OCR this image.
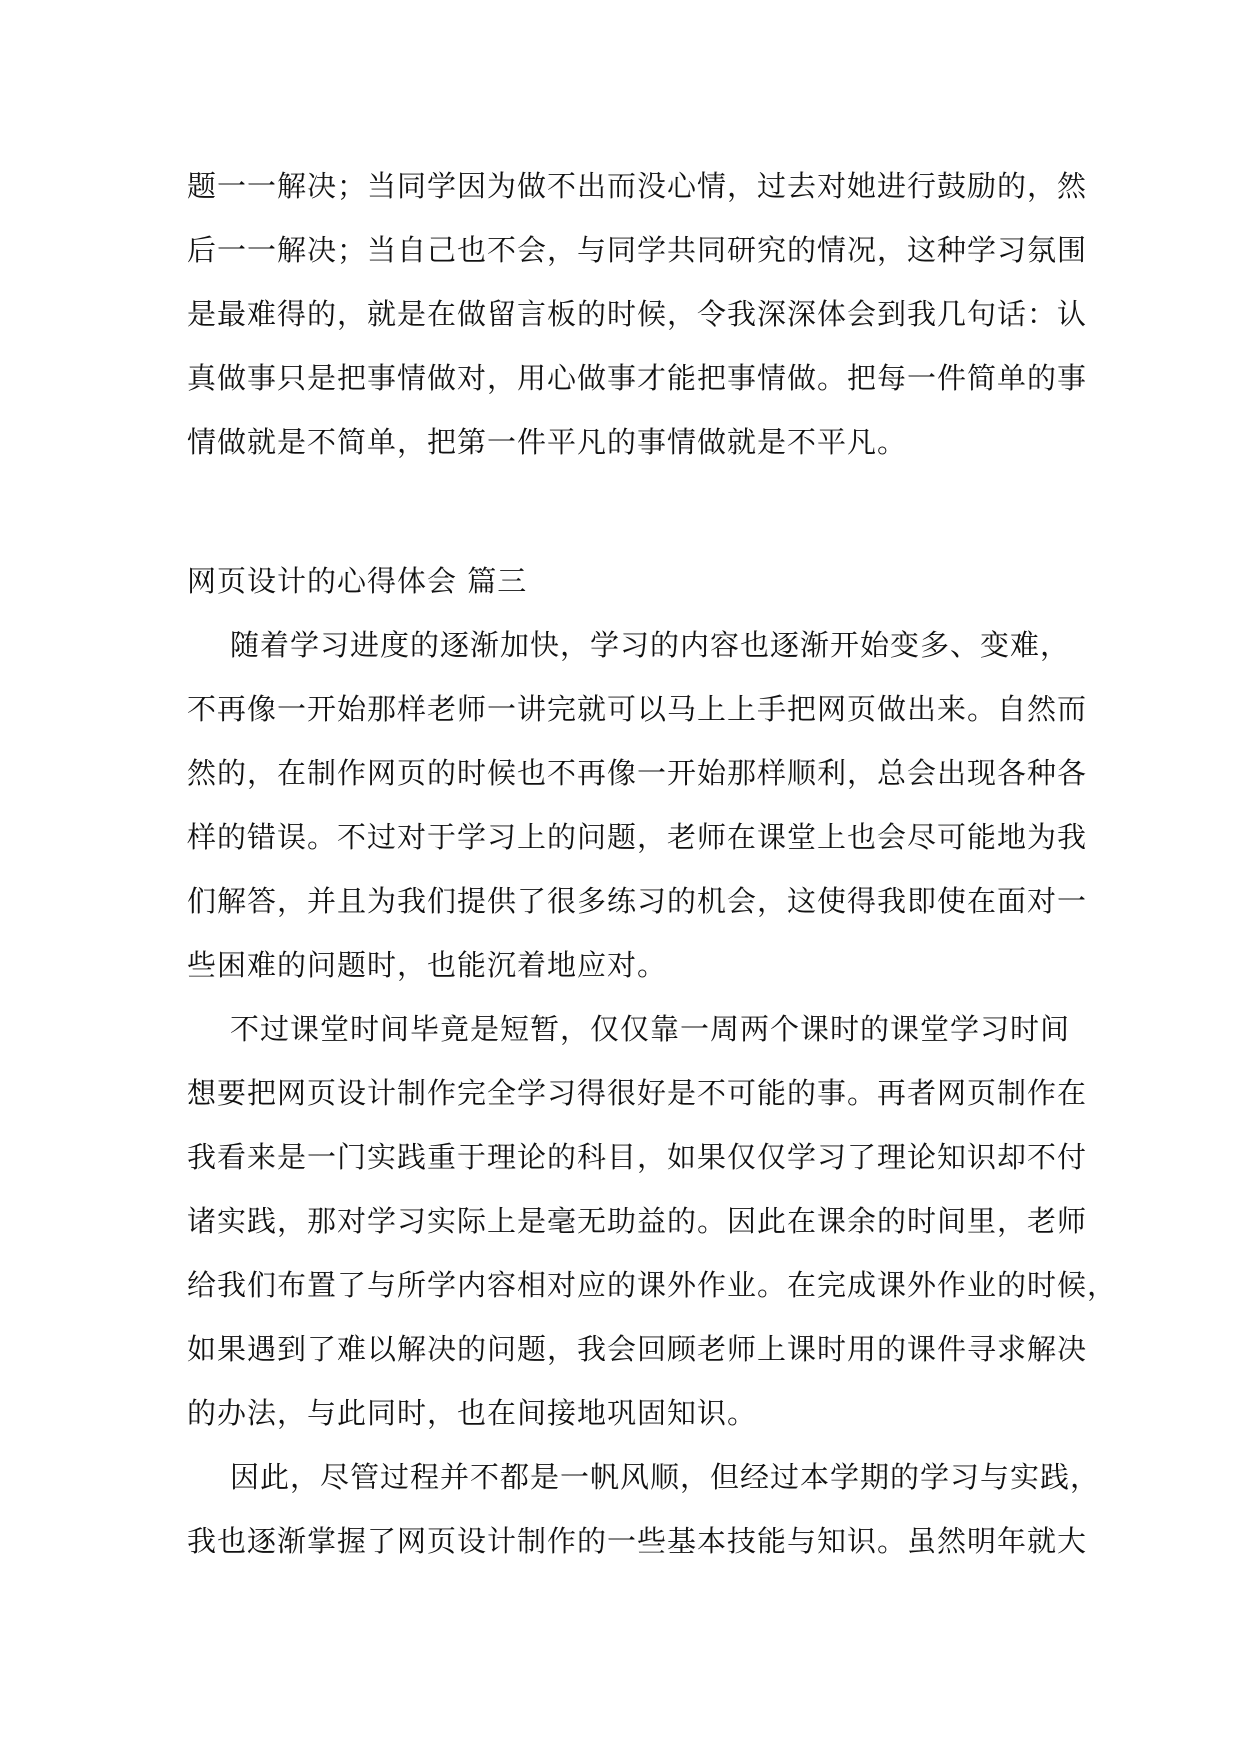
题一一解决；当同学因为做不出而没心情，过去对她进行鼓励的，然
后一一解决；当自己也不会，与同学共同研究的情况，这种学习氛围
是最难得的，就是在做留言板的时候，令我深深体会到我几句话：认
真做事只是把事情做对，用心做事才能把事情做。把每一件简单的事
情做就是不简单，把第一件平凡的事情做就是不平凡。
网页设计的心得体会 篇三
随着学习进度的逐渐加快，学习的内容也逐渐开始变多、变难，
不再像一开始那样老师一讲完就可以马上上手把网页做出来。自然而
然的，在制作网页的时候也不再像一开始那样顺利，总会出现各种各
样的错误。不过对于学习上的问题，老师在课堂上也会尽可能地为我
们解答，并且为我们提供了很多练习的机会，这使得我即使在面对一
些困难的问题时，也能沉着地应对。
不过课堂时间毕竟是短暂，仅仅靠一周两个课时的课堂学习时间
想要把网页设计制作完全学习得很好是不可能的事。再者网页制作在
我看来是一门实践重于理论的科目，如果仅仅学习了理论知识却不付
诸实践，那对学习实际上是毫无助益的。因此在课余的时间里，老师
给我们布置了与所学内容相对应的课外作业。在完成课外作业的时候，
如果遇到了难以解决的问题，我会回顾老师上课时用的课件寻求解决
的办法，与此同时，也在间接地巩固知识。
因此，尽管过程并不都是一帆风顺，但经过本学期的学习与实践，
我也逐渐掌握了网页设计制作的一些基本技能与知识。虽然明年就大
